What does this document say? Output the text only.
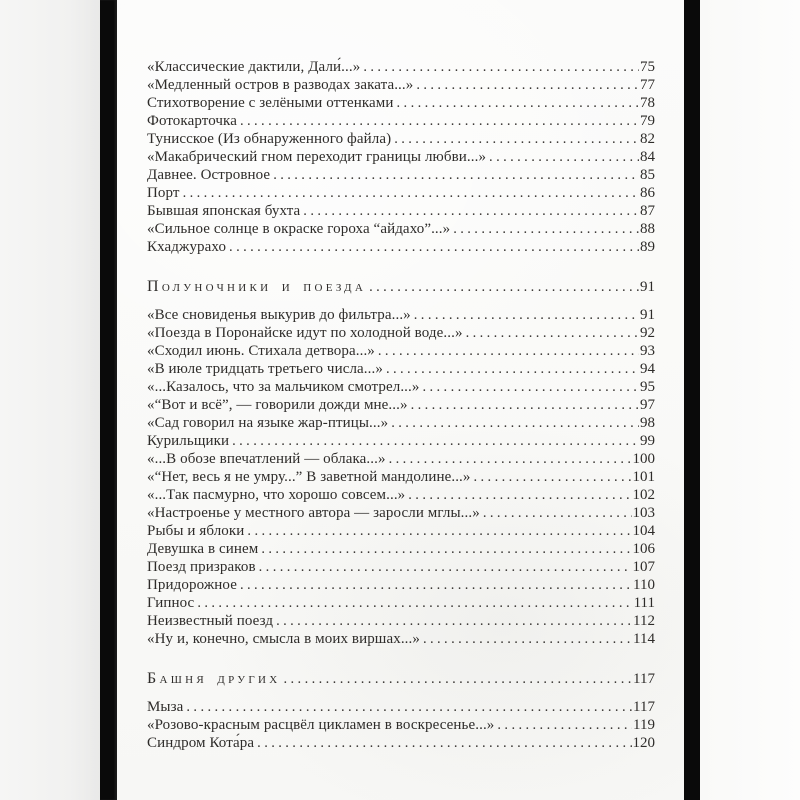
«Классические дактили, Дали́...» .....	75
«Медленный остров в разводах заката...» .....	77
Стихотворение с зелёными оттенками .....	78
Фотокарточка .....	79
Тунисское (Из обнаруженного файла) .....	82
«Макабрический гном переходит границы любви...» .....	84
Давнее. Островное .....	85
Порт .....	86
Бывшая японская бухта .....	87
«Сильное солнце в окраске гороха “айдахо”...» .....	88
Кхаджурахо .....	89
Полуночники и поезда .....	91
«Все сновиденья выкурив до фильтра...» .....	91
«Поезда в Поронайске идут по холодной воде...» .....	92
«Сходил июнь. Стихала детвора...» .....	93
«В июле тридцать третьего числа...» .....	94
«...Казалось, что за мальчиком смотрел...» .....	95
«“Вот и всё”, — говорили дожди мне...» .....	97
«Сад говорил на языке жар-птицы...» .....	98
Курильщики .....	99
«...В обозе впечатлений — облака...» .....	100
«“Нет, весь я не умру...” В заветной мандолине...» .....	101
«...Так пасмурно, что хорошо совсем...» .....	102
«Настроенье у местного автора — заросли мглы...» .....	103
Рыбы и яблоки .....	104
Девушка в синем .....	106
Поезд призраков .....	107
Придорожное .....	110
Гипнос .....	111
Неизвестный поезд .....	112
«Ну и, конечно, смысла в моих виршах...» .....	114
Башня других .....	117
Мыза .....	117
«Розово-красным расцвёл цикламен в воскресенье...» .....	119
Синдром Кота́ра .....	120
